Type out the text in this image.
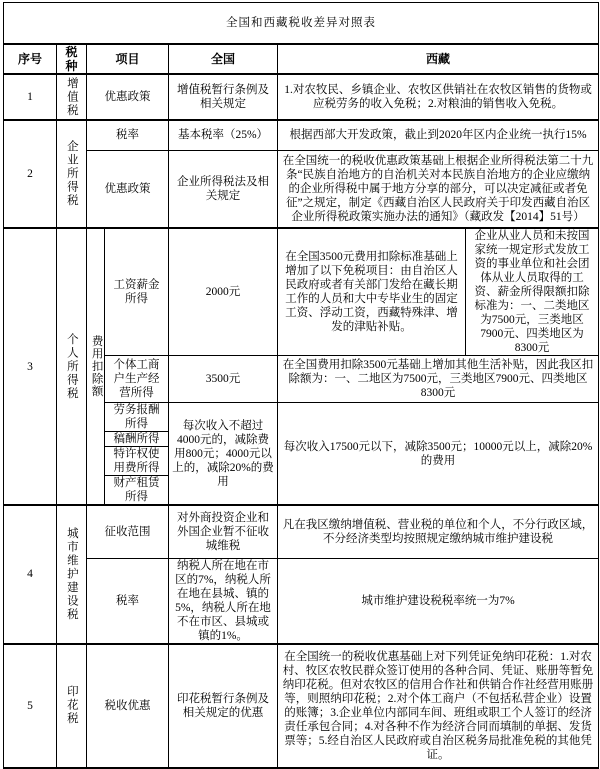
全国和西藏税收差异对照表						
序号	税种	项目		全国	西藏	
1	增值税	优惠政策		增值税暂行条例及相关规定	1.对农牧民、乡镇企业、农牧区供销社在农牧区销售的货物或应税劳务的收入免税；2.对粮油的销售收入免税。	
2	企业所得税	税率		基本税率（25%）	根据西部大开发政策，截止到2020年区内企业统一执行15%	
		优惠政策		企业所得税法及相关规定	在全国统一的税收优惠政策基础上根据企业所得税法第二十九条“民族自治地方的自治机关对本民族自治地方的企业应缴纳的企业所得税中属于地方分享的部分，可以决定减征或者免征”之规定，制定《西藏自治区人民政府关于印发西藏自治区企业所得税政策实施办法的通知》（藏政发【2014】51号）	
3	个人所得税	费用扣除额	工资薪金所得	2000元	在全国3500元费用扣除标准基础上增加了以下免税项目：由自治区人民政府或者有关部门发给在藏长期工作的人员和大中专毕业生的固定工资、浮动工资，西藏特殊津、增发的津贴补贴。	企业从业人员和未按国家统一规定形式发放工资的事业单位和社会团体从业人员取得的工资、薪金所得限额扣除标准为：一、二类地区为7500元，三类地区7900元、四类地区为8300元
			个体工商户生产经营所得	3500元	在全国费用扣除3500元基础上增加其他生活补贴，因此我区扣除额为：一、二地区为7500元，三类地区7900元、四类地区8300元	
			劳务报酬所得	每次收入不超过4000元的，减除费用800元；4000元以上的，减除20%的费用	每次收入17500元以下，减除3500元；10000元以上，减除20%的费用	
			稿酬所得			
			特许权使用费所得			
			财产租赁所得			
4	城市维护建设税	征收范围		对外商投资企业和外国企业暂不征收城维税	凡在我区缴纳增值税、营业税的单位和个人，不分行政区域，不分经济类型均按照规定缴纳城市维护建设税	
		税率		纳税人所在地在市区的7%，纳税人所在地在县城、镇的5%，纳税人所在地不在市区、县城或镇的1%。	城市维护建设税税率统一为7%	
5	印花税	税收优惠		印花税暂行条例及相关规定的优惠	在全国统一的税收优惠基础上对下列凭证免纳印花税：1.对农村、牧区农牧民群众签订使用的各种合同、凭证、账册等暂免纳印花税。但对农牧区的信用合作社和供销合作社经营用账册等，则照纳印花税；2.对个体工商户（不包括私营企业）设置的账簿；3.企业单位内部同车间、班组或职工个人签订的经济责任承包合同；4.对各种不作为经济合同而填制的单据、发货票等；5.经自治区人民政府或自治区税务局批准免税的其他凭证。	
